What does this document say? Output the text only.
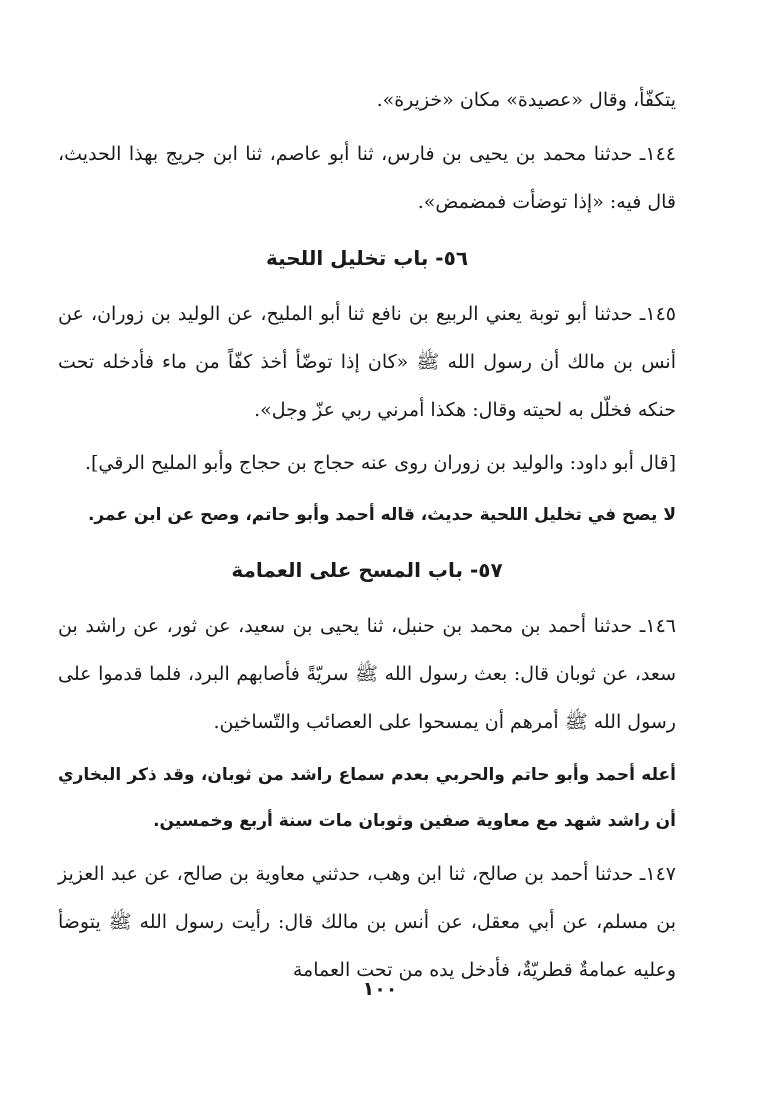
يتكفّأ، وقال «عصيدة» مكان «خزيرة».

١٤٤ـ حدثنا محمد بن يحيى بن فارس، ثنا أبو عاصم، ثنا ابن جريج بهذا الحديث، قال فيه: «إذا توضأت فمضمض».

٥٦- باب تخليل اللحية

١٤٥ـ حدثنا أبو توبة يعني الربيع بن نافع ثنا أبو المليح، عن الوليد بن زوران، عن أنس بن مالك أن رسول الله ﷺ «كان إذا توضّأ أخذ كفّاً من ماء فأدخله تحت حنكه فخلّل به لحيته وقال: هكذا أمرني ربي عزّ وجل».

[قال أبو داود: والوليد بن زوران روى عنه حجاج بن حجاج وأبو المليح الرقي].

لا يصح في تخليل اللحية حديث، قاله أحمد وأبو حاتم، وصح عن ابن عمر.

٥٧- باب المسح على العمامة

١٤٦ـ حدثنا أحمد بن محمد بن حنبل، ثنا يحيى بن سعيد، عن ثور، عن راشد بن سعد، عن ثوبان قال: بعث رسول الله ﷺ سريّةً فأصابهم البرد، فلما قدموا على رسول الله ﷺ أمرهم أن يمسحوا على العصائب والتّساخين.

أعله أحمد وأبو حاتم والحربي بعدم سماع راشد من ثوبان، وقد ذكر البخاري أن راشد شهد مع معاوية صفين وثوبان مات سنة أربع وخمسين.

١٤٧ـ حدثنا أحمد بن صالح، ثنا ابن وهب، حدثني معاوية بن صالح، عن عبد العزيز بن مسلم، عن أبي معقل، عن أنس بن مالك قال: رأيت رسول الله ﷺ يتوضأ وعليه عمامةٌ قطريّةٌ، فأدخل يده من تحت العمامة

١٠٠
